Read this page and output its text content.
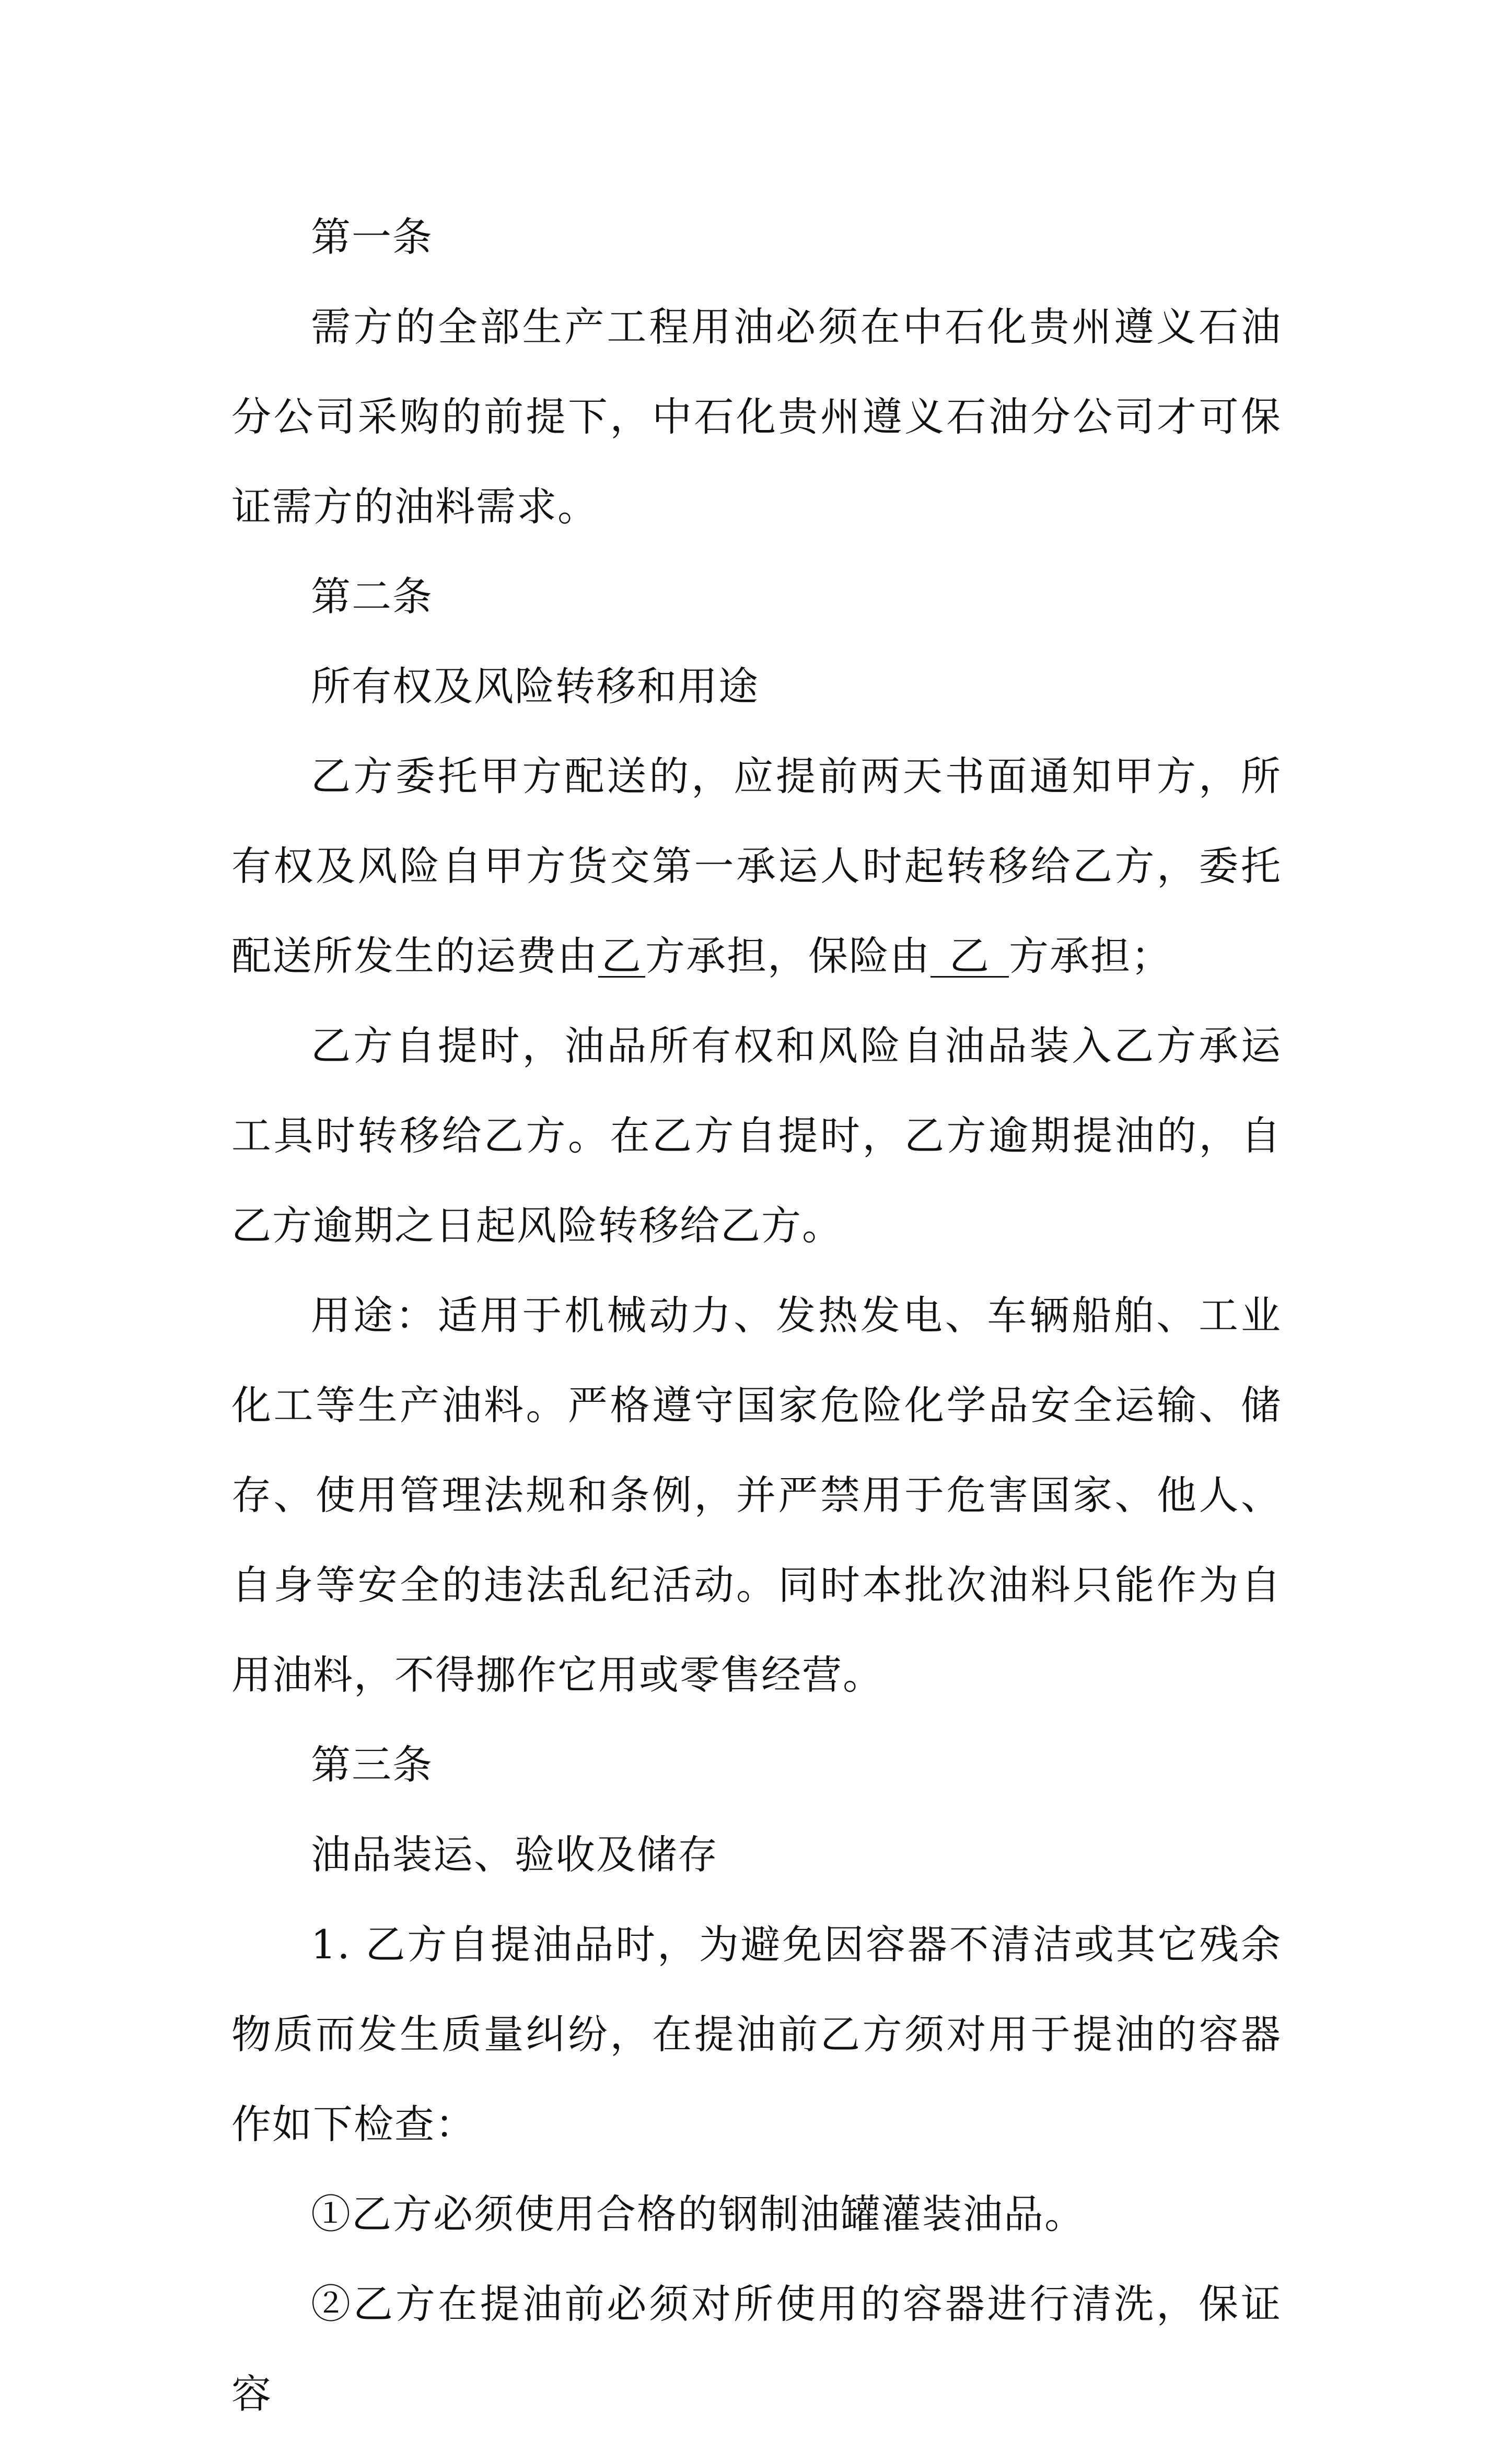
第一条

需方的全部生产工程用油必须在中石化贵州遵义石油分公司采购的前提下，中石化贵州遵义石油分公司才可保证需方的油料需求。

第二条

所有权及风险转移和用途

乙方委托甲方配送的，应提前两天书面通知甲方，所有权及风险自甲方货交第一承运人时起转移给乙方，委托配送所发生的运费由乙方承担，保险由 乙 方承担；

乙方自提时，油品所有权和风险自油品装入乙方承运工具时转移给乙方。在乙方自提时，乙方逾期提油的，自乙方逾期之日起风险转移给乙方。

用途：适用于机械动力、发热发电、车辆船舶、工业化工等生产油料。严格遵守国家危险化学品安全运输、储存、使用管理法规和条例，并严禁用于危害国家、他人、自身等安全的违法乱纪活动。同时本批次油料只能作为自用油料，不得挪作它用或零售经营。

第三条

油品装运、验收及储存

1. 乙方自提油品时，为避免因容器不清洁或其它残余物质而发生质量纠纷，在提油前乙方须对用于提油的容器作如下检查：

①乙方必须使用合格的钢制油罐灌装油品。

②乙方在提油前必须对所使用的容器进行清洗，保证容
